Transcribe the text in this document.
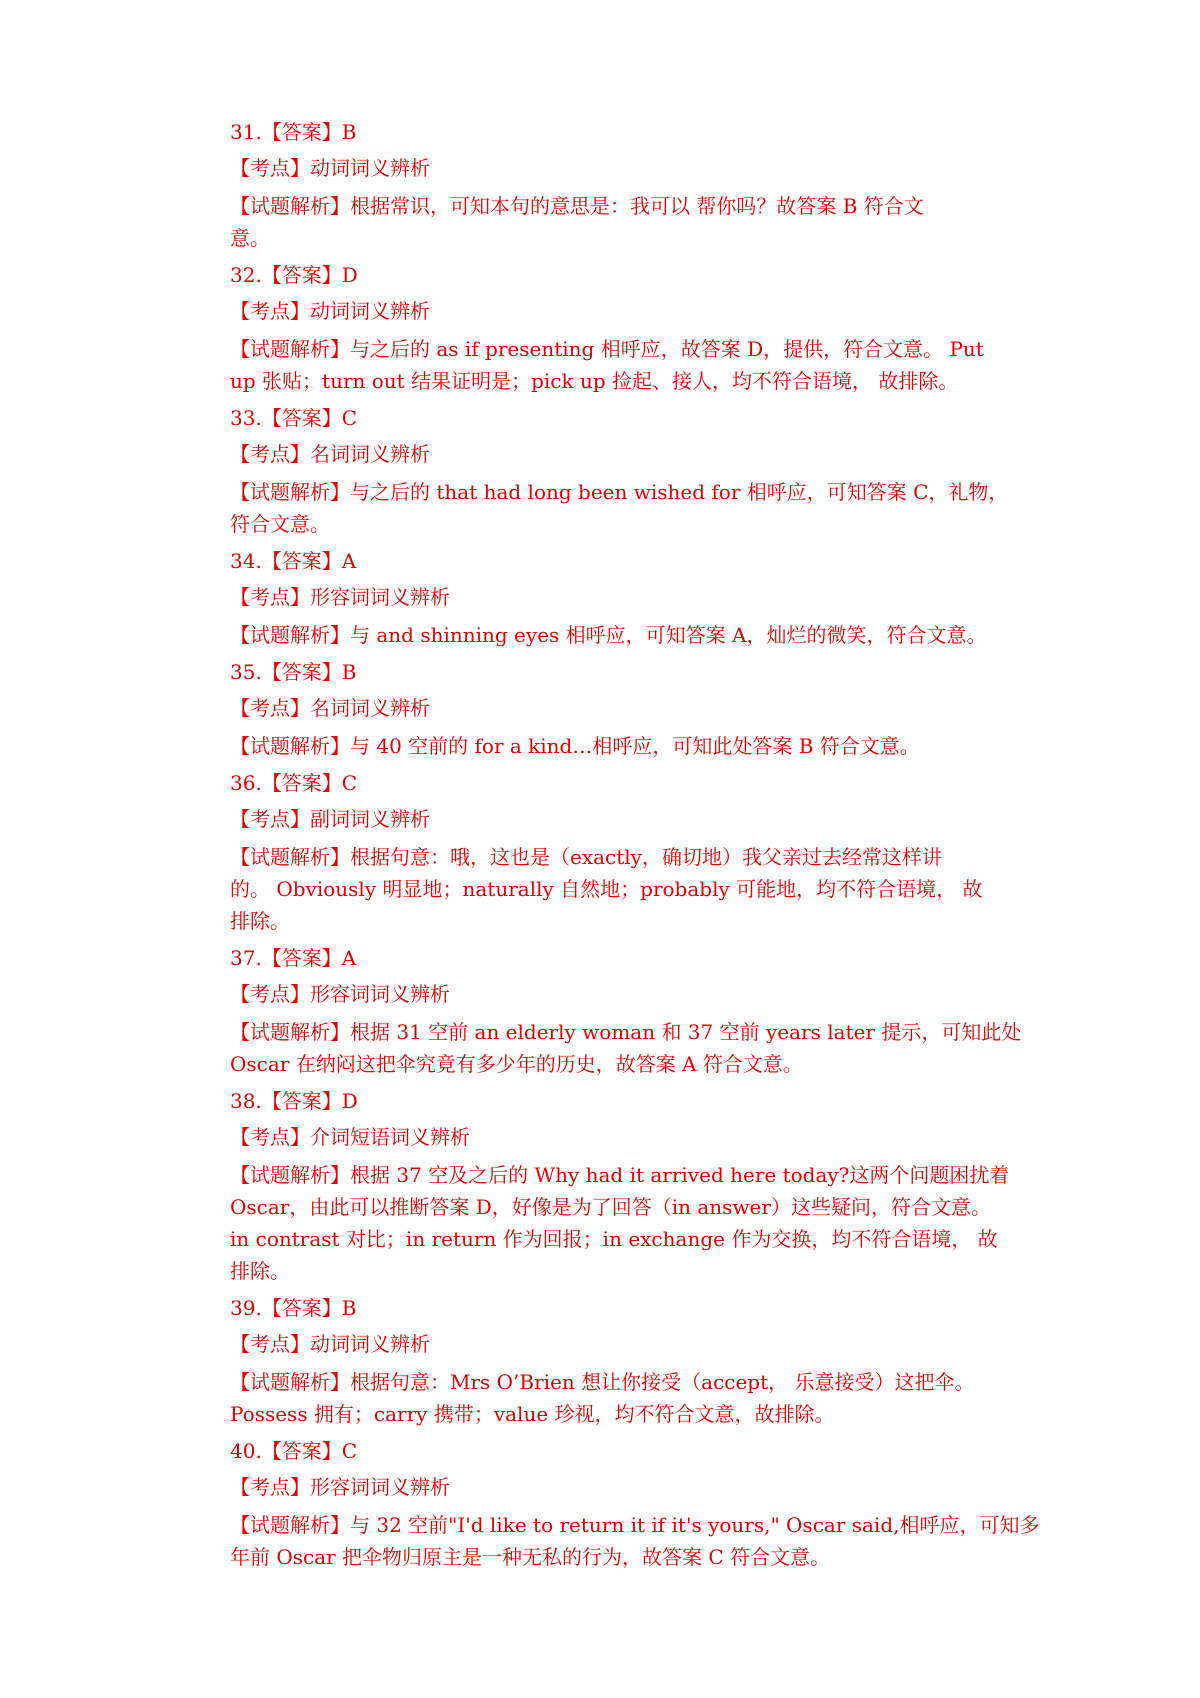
31.【答案】B
【考点】动词词义辨析
【试题解析】根据常识，可知本句的意思是：我可以 帮你吗？故答案 B 符合文
意。
32.【答案】D
【考点】动词词义辨析
【试题解析】与之后的 as if presenting 相呼应，故答案 D，提供，符合文意。 Put
up 张贴；turn out 结果证明是；pick up 捡起、接人，均不符合语境， 故排除。
33.【答案】C
【考点】名词词义辨析
【试题解析】与之后的 that had long been wished for 相呼应，可知答案 C，礼物，
符合文意。
34.【答案】A
【考点】形容词词义辨析
【试题解析】与 and shinning eyes 相呼应，可知答案 A，灿烂的微笑，符合文意。
35.【答案】B
【考点】名词词义辨析
【试题解析】与 40 空前的 for a kind…相呼应，可知此处答案 B 符合文意。
36.【答案】C
【考点】副词词义辨析
【试题解析】根据句意：哦，这也是（exactly，确切地）我父亲过去经常这样讲
的。 Obviously 明显地；naturally 自然地；probably 可能地，均不符合语境， 故
排除。
37.【答案】A
【考点】形容词词义辨析
【试题解析】根据 31 空前 an elderly woman 和 37 空前 years later 提示，可知此处
Oscar 在纳闷这把伞究竟有多少年的历史，故答案 A 符合文意。
38.【答案】D
【考点】介词短语词义辨析
【试题解析】根据 37 空及之后的 Why had it arrived here today?这两个问题困扰着
Oscar，由此可以推断答案 D，好像是为了回答（in answer）这些疑问，符合文意。
in contrast 对比；in return 作为回报；in exchange 作为交换，均不符合语境， 故
排除。
39.【答案】B
【考点】动词词义辨析
【试题解析】根据句意：Mrs O’Brien 想让你接受（accept， 乐意接受）这把伞。
Possess 拥有；carry 携带；value 珍视，均不符合文意，故排除。
40.【答案】C
【考点】形容词词义辨析
【试题解析】与 32 空前"I'd like to return it if it's yours," Oscar said,相呼应，可知多
年前 Oscar 把伞物归原主是一种无私的行为，故答案 C 符合文意。
